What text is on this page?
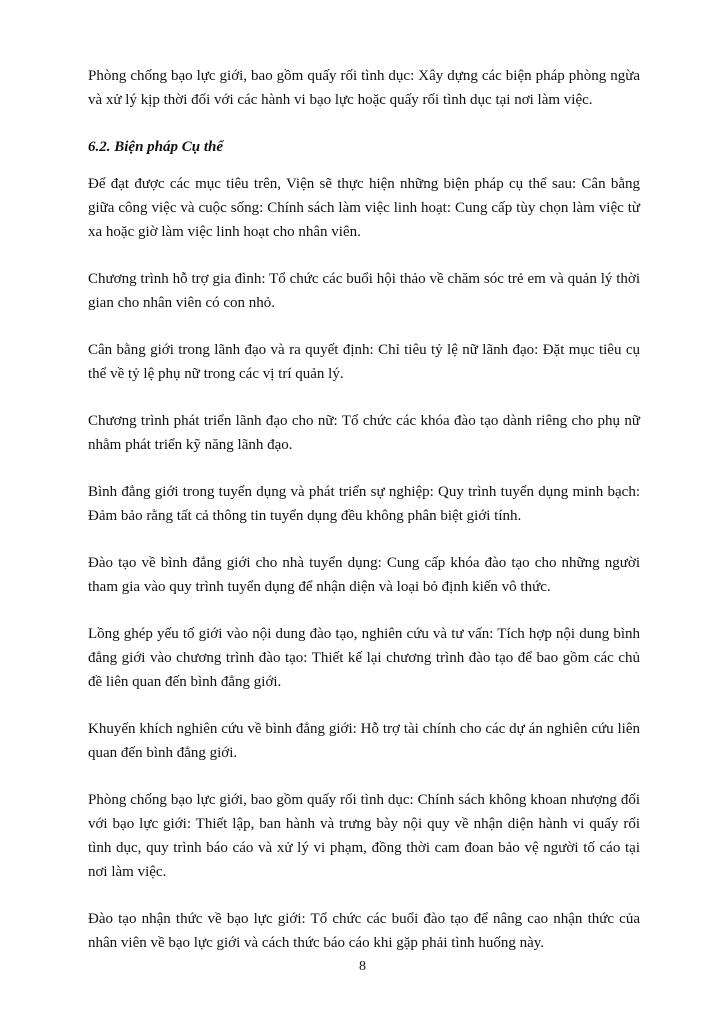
Phòng chống bạo lực giới, bao gồm quấy rối tình dục: Xây dựng các biện pháp phòng ngừa và xử lý kịp thời đối với các hành vi bạo lực hoặc quấy rối tình dục tại nơi làm việc.

6.2. Biện pháp Cụ thể

Để đạt được các mục tiêu trên, Viện sẽ thực hiện những biện pháp cụ thể sau: Cân bằng giữa công việc và cuộc sống: Chính sách làm việc linh hoạt: Cung cấp tùy chọn làm việc từ xa hoặc giờ làm việc linh hoạt cho nhân viên.

Chương trình hỗ trợ gia đình: Tổ chức các buổi hội thảo về chăm sóc trẻ em và quản lý thời gian cho nhân viên có con nhỏ.

Cân bằng giới trong lãnh đạo và ra quyết định: Chỉ tiêu tỷ lệ nữ lãnh đạo: Đặt mục tiêu cụ thể về tỷ lệ phụ nữ trong các vị trí quản lý.

Chương trình phát triển lãnh đạo cho nữ: Tổ chức các khóa đào tạo dành riêng cho phụ nữ nhằm phát triển kỹ năng lãnh đạo.

Bình đẳng giới trong tuyển dụng và phát triển sự nghiệp: Quy trình tuyển dụng minh bạch: Đảm bảo rằng tất cả thông tin tuyển dụng đều không phân biệt giới tính.

Đào tạo về bình đẳng giới cho nhà tuyển dụng: Cung cấp khóa đào tạo cho những người tham gia vào quy trình tuyển dụng để nhận diện và loại bỏ định kiến vô thức.

Lồng ghép yếu tố giới vào nội dung đào tạo, nghiên cứu và tư vấn: Tích hợp nội dung bình đẳng giới vào chương trình đào tạo: Thiết kế lại chương trình đào tạo để bao gồm các chủ đề liên quan đến bình đẳng giới.

Khuyến khích nghiên cứu về bình đẳng giới: Hỗ trợ tài chính cho các dự án nghiên cứu liên quan đến bình đẳng giới.

Phòng chống bạo lực giới, bao gồm quấy rối tình dục: Chính sách không khoan nhượng đối với bạo lực giới: Thiết lập, ban hành và trưng bày nội quy về nhận diện hành vi quấy rối tình dục, quy trình báo cáo và xử lý vi phạm, đồng thời cam đoan bảo vệ người tố cáo tại nơi làm việc.

Đào tạo nhận thức về bạo lực giới: Tổ chức các buổi đào tạo để nâng cao nhận thức của nhân viên về bạo lực giới và cách thức báo cáo khi gặp phải tình huống này.

8
